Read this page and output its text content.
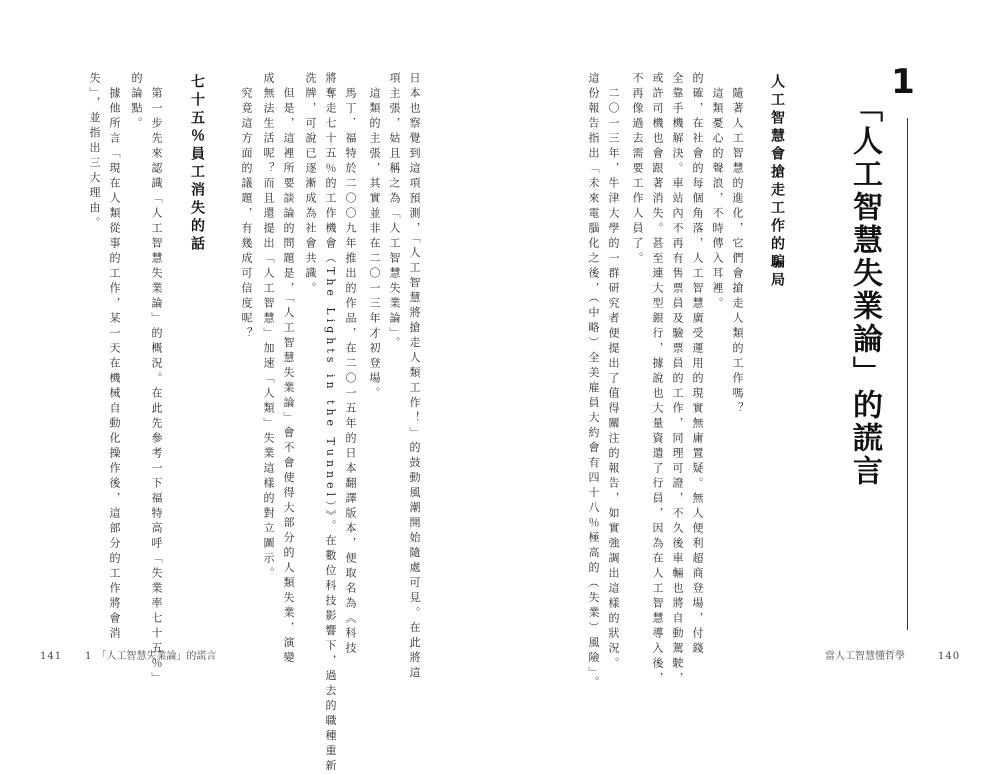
1
「人工智慧失業論」的謊言
人工智慧會搶走工作的騙局
　隨著人工智慧的進化，它們會搶走人類的工作嗎？
　這類憂心的聲浪，不時傳入耳裡。
的確，在社會的每個角落，人工智慧廣受運用的現實無庸置疑。無人便利超商登場，付錢
全靠手機解決。車站內不再有售票員及驗票員的工作，同理可證，不久後車輛也將自動駕駛，
或許司機也會跟著消失。甚至連大型銀行，據說也大量資遣了行員，因為在人工智慧導入後，
不再像過去需要工作人員了。
　二〇一三年，牛津大學的一群研究者便提出了值得關注的報告，如實強調出這樣的狀況。
這份報告指出「未來電腦化之後，（中略）全美雇員大約會有四十八％極高的（失業）風險」。
日本也察覺到這項預測，「人工智慧將搶走人類工作！」的鼓動風潮開始隨處可見。在此將這
項主張，姑且稱之為「人工智慧失業論」。
　這類的主張，其實並非在二〇一三年才初登場。
　馬丁．福特於二〇〇九年推出的作品，在二〇一五年的日本翻譯版本，便取名為《科技
將奪走七十五％的工作機會（The Lights in the Tunnel）》。在數位科技影響下，過去的職種重新
洗牌，可說已逐漸成為社會共識。
　但是，這裡所要談論的問題是，「人工智慧失業論」會不會使得大部分的人類失業，演變
成無法生活呢？而且還提出「人工智慧」加速「人類」失業這樣的對立圖示。
　究竟這方面的議題，有幾成可信度呢？
七十五％員工消失的話
　第一步先來認識「人工智慧失業論」的概況。在此先參考一下福特高呼「失業率七十五％」
的論點。
　據他所言「現在人類從事的工作，某一天在機械自動化操作後，這部分的工作將會消
失」，並指出三大理由。
141 1　「人工智慧失業論」的謊言	當人工智慧懂哲學	140
